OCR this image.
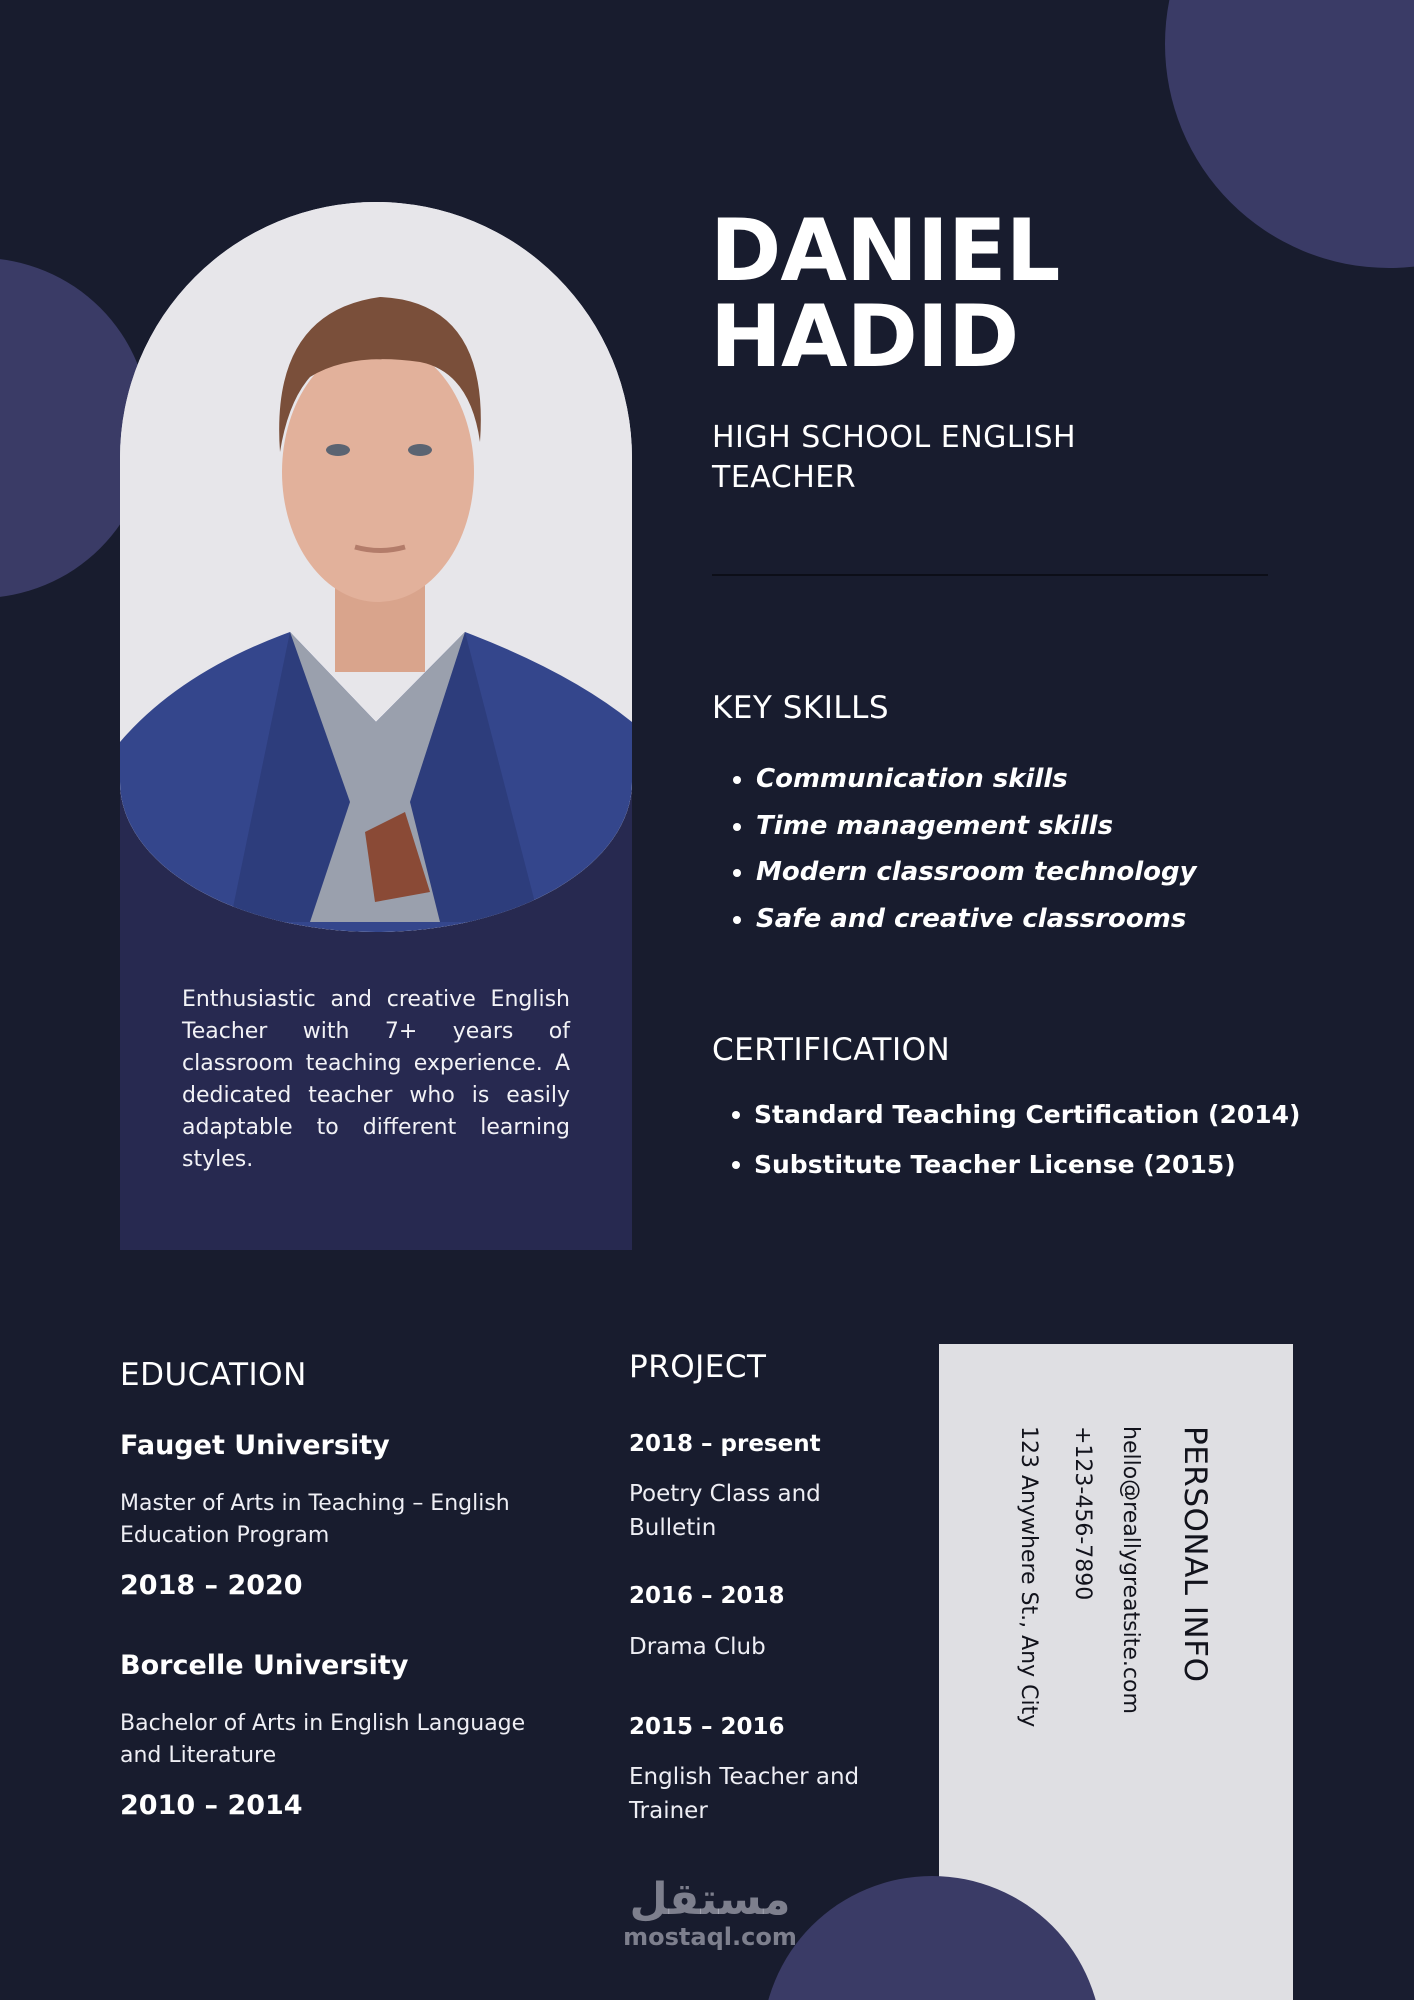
Enthusiastic and creative English Teacher with 7+ years of classroom teaching experience. A dedicated teacher who is easily adaptable to different learning styles.

DANIEL
HADID
HIGH SCHOOL ENGLISH TEACHER
KEY SKILLS
Communication skills
Time management skills
Modern classroom technology
Safe and creative classrooms
CERTIFICATION
Standard Teaching Certification (2014)
Substitute Teacher License (2015)
EDUCATION

Fauget University

Master of Arts in Teaching – English Education Program

2018 – 2020

Borcelle University

Bachelor of Arts in English Language and Literature

2010 – 2014

PROJECT

2018 – present

Poetry Class and Bulletin

2016 – 2018

Drama Club

2015 – 2016

English Teacher and Trainer

PERSONAL INFO

hello@reallygreatsite.com

+123-456-7890

123 Anywhere St., Any City

مستقل
mostaql.com
